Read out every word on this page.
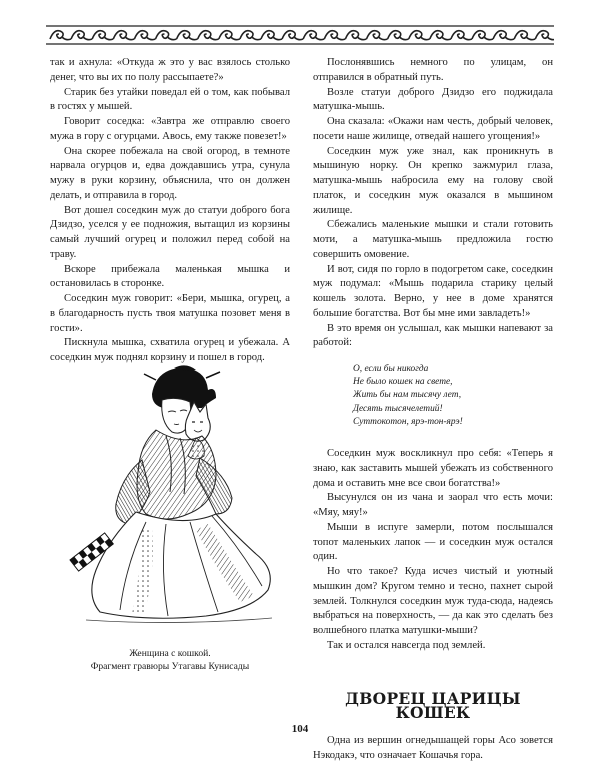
так и ахнула: «Откуда ж это у вас взялось столько денег, что вы их по полу рассыпаете?»

Старик без утайки поведал ей о том, как побывал в гостях у мышей.

Говорит соседка: «Завтра же отправлю своего мужа в гору с огурцами. Авось, ему также повезет!»

Она скорее побежала на свой огород, в темноте нарвала огурцов и, едва дождавшись утра, сунула мужу в руки корзину, объяснила, что он должен делать, и отправила в город.

Вот дошел соседкин муж до статуи доброго бога Дзидзо, уселся у ее подножия, вытащил из корзины самый лучший огурец и положил перед собой на траву.

Вскоре прибежала маленькая мышка и остановилась в сторонке.

Соседкин муж говорит: «Бери, мышка, огурец, а в благодарность пусть твоя матушка позовет меня в гости».

Пискнула мышка, схватила огурец и убежала. А соседкин муж поднял корзину и пошел в город.

Женщина с кошкой.
Фрагмент гравюры Утагавы Кунисады

Послонявшись немного по улицам, он отправился в обратный путь.

Возле статуи доброго Дзидзо его поджидала матушка-мышь.

Она сказала: «Окажи нам честь, добрый человек, посети наше жилище, отведай нашего угощения!»

Соседкин муж уже знал, как проникнуть в мышиную норку. Он крепко зажмурил глаза, матушка-мышь набросила ему на голову свой платок, и соседкин муж оказался в мышином жилище.

Сбежались маленькие мышки и стали готовить моти, а матушка-мышь предложила гостю совершить омовение.

И вот, сидя по горло в подогретом саке, соседкин муж подумал: «Мышь подарила старику целый кошель золота. Верно, у нее в доме хранятся большие богатства. Вот бы мне ими завладеть!»

В это время он услышал, как мышки напевают за работой:

О, если бы никогда
Не было кошек на свете,
Жить бы нам тысячу лет,
Десять тысячелетий!
Суттокотон, ярэ-тон-ярэ!

Соседкин муж воскликнул про себя: «Теперь я знаю, как заставить мышей убежать из собственного дома и оставить мне все свои богатства!»

Высунулся он из чана и заорал что есть мочи: «Мяу, мяу!»

Мыши в испуге замерли, потом послышался топот маленьких лапок — и соседкин муж остался один.

Но что такое? Куда исчез чистый и уютный мышкин дом? Кругом темно и тесно, пахнет сырой землей. Толкнулся соседкин муж туда-сюда, надеясь выбраться на поверхность, — да как это сделать без волшебного платка матушки-мыши?

Так и остался навсегда под землей.

ДВОРЕЦ ЦАРИЦЫ КОШЕК

Одна из вершин огнедышащей горы Асо зовется Нэкодакэ, что означает Кошачья гора.

104
